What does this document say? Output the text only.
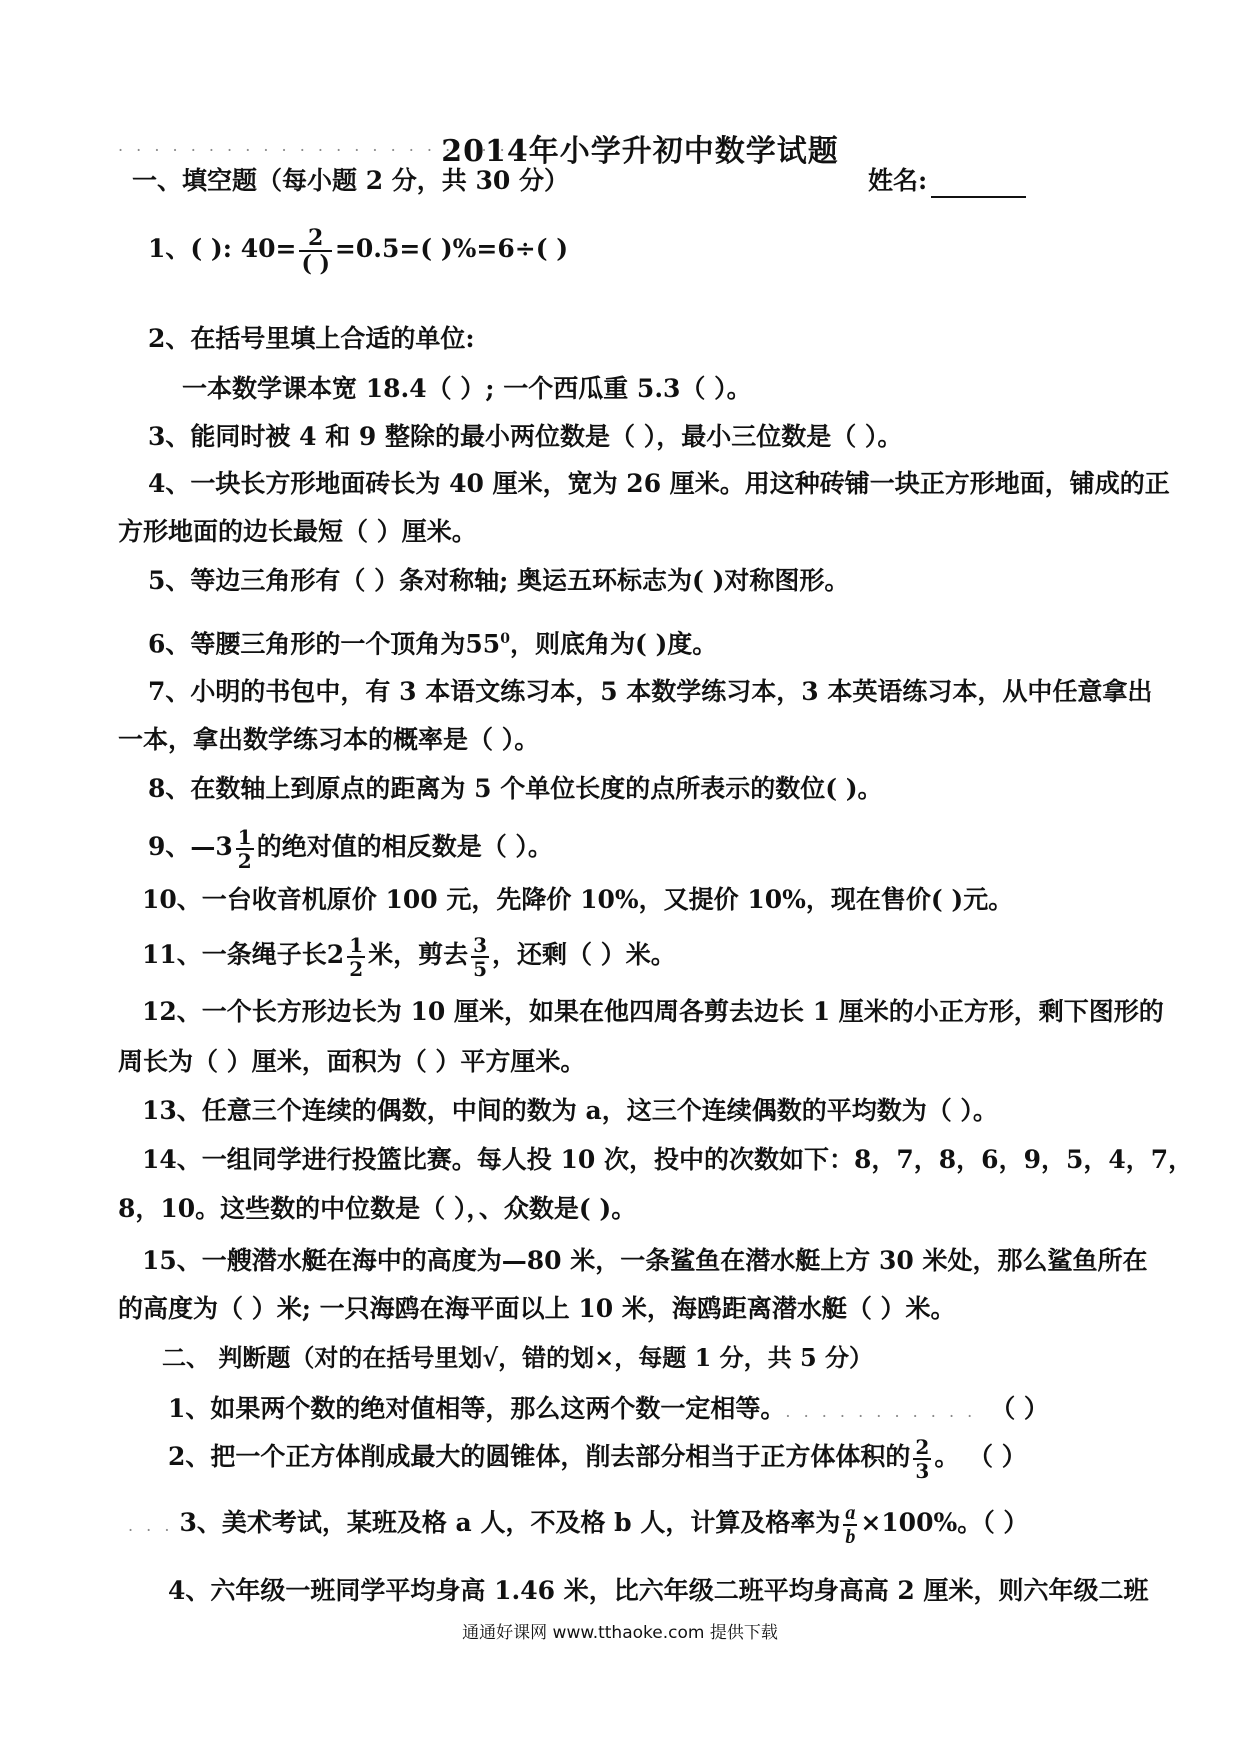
. . . . . . . . . . . . . . . . . . . . . . .
2014年小学升初中数学试题
一、填空题（每小题 2 分，共 30 分）	姓名:
1、( ): $40= \frac{2}{( )} =0.5=$( )%=6÷( )
2、在括号里填上合适的单位:
一本数学课本宽 18.4（ ）; 一个西瓜重 5.3（ ）。
3、能同时被 4 和 9 整除的最小两位数是（ ），最小三位数是（ ）。
4、一块长方形地面砖长为 40 厘米，宽为 26 厘米。用这种砖铺一块正方形地面，铺成的正
方形地面的边长最短（ ）厘米。
5、等边三角形有（ ）条对称轴; 奥运五环标志为( )对称图形。
6、等腰三角形的一个顶角为$55^0$，则底角为( )度。
7、小明的书包中，有 3 本语文练习本，5 本数学练习本，3 本英语练习本，从中任意拿出
一本，拿出数学练习本的概率是（ ）。
8、在数轴上到原点的距离为 5 个单位长度的点所表示的数位( )。
9、—3 $\frac{1}{2}$ 的绝对值的相反数是（ ）。
10、一台收音机原价 100 元，先降价 10%，又提价 10%，现在售价( )元。
11、一条绳子长$2 \frac{1}{2}$ 米，剪去 $\frac{3}{5}$ ，还剩（ ）米。
12、一个长方形边长为 10 厘米，如果在他四周各剪去边长 1 厘米的小正方形，剩下图形的
周长为（ ）厘米，面积为（ ）平方厘米。
13、任意三个连续的偶数，中间的数为 a，这三个连续偶数的平均数为（ ）。
14、一组同学进行投篮比赛。每人投 10 次，投中的次数如下：8，7，8，6，9，5，4，7，
8，10。这些数的中位数是（ ），、众数是( )。
15、一艘潜水艇在海中的高度为—80 米，一条鲨鱼在潜水艇上方 30 米处，那么鲨鱼所在
的高度为（ ）米; 一只海鸥在海平面以上 10 米，海鸥距离潜水艇（ ）米。
二、 判断题（对的在括号里划√，错的划×，每题 1 分，共 5 分）
1、如果两个数的绝对值相等，那么这两个数一定相等。. . . . . . . . . . . （ ）
2、把一个正方体削成最大的圆锥体，削去部分相当于正方体体积的 $\frac{2}{3}$ 。 （ ）
. . . 3、美术考试，某班及格 a 人，不及格 b 人，计算及格率为 $\frac{a}{b} \times 100\%$。（ ）
4、六年级一班同学平均身高 1.46 米，比六年级二班平均身高高 2 厘米，则六年级二班
通通好课网 www.tthaoke.com 提供下载
